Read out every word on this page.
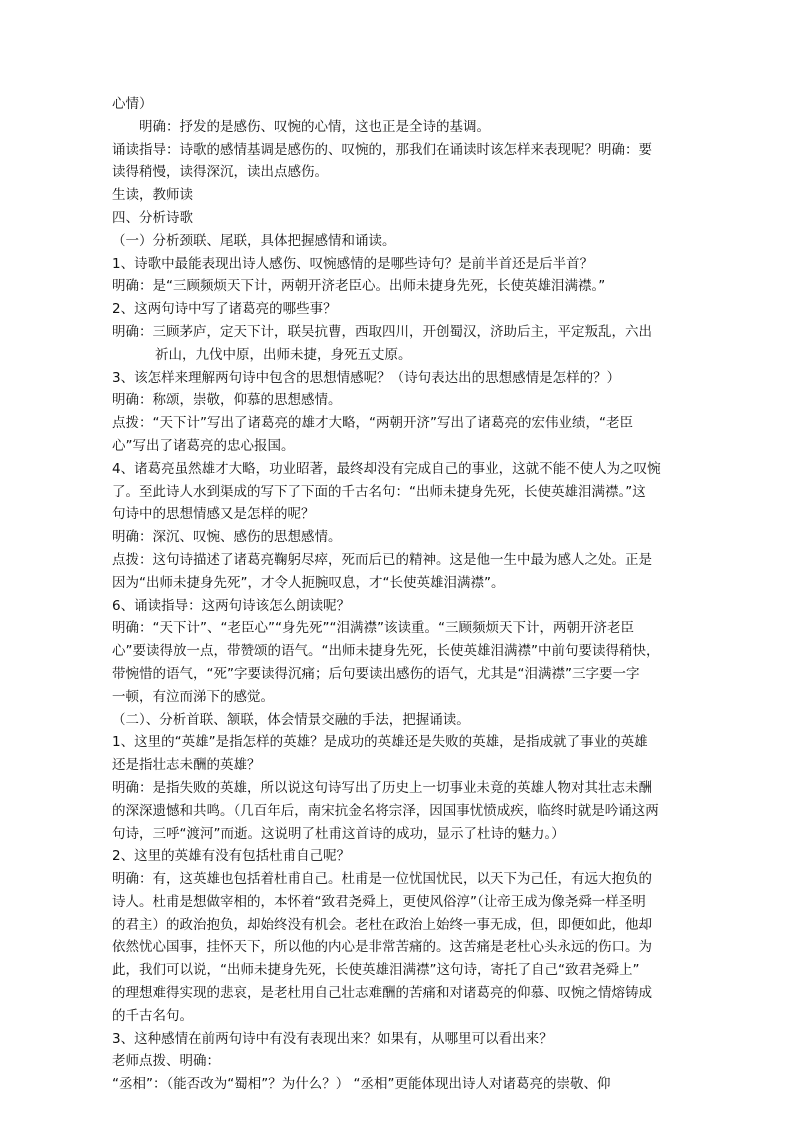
心情）
明确：抒发的是感伤、叹惋的心情，这也正是全诗的基调。
诵读指导：诗歌的感情基调是感伤的、叹惋的，那我们在诵读时该怎样来表现呢？明确：要
读得稍慢，读得深沉，读出点感伤。
生读，教师读
四、分析诗歌
（一）分析颈联、尾联，具体把握感情和诵读。
1、诗歌中最能表现出诗人感伤、叹惋感情的是哪些诗句？是前半首还是后半首？
明确：是“三顾频烦天下计，两朝开济老臣心。出师未捷身先死，长使英雄泪满襟。”
2、这两句诗中写了诸葛亮的哪些事？
明确：三顾茅庐，定天下计，联吴抗曹，西取四川，开创蜀汉，济助后主，平定叛乱，六出
祈山，九伐中原，出师未捷，身死五丈原。
3、该怎样来理解两句诗中包含的思想情感呢？（诗句表达出的思想感情是怎样的？）
明确：称颂，崇敬，仰慕的思想感情。
点拨：“天下计”写出了诸葛亮的雄才大略，“两朝开济”写出了诸葛亮的宏伟业绩，“老臣
心”写出了诸葛亮的忠心报国。
4、诸葛亮虽然雄才大略，功业昭著，最终却没有完成自己的事业，这就不能不使人为之叹惋
了。至此诗人水到渠成的写下了下面的千古名句：“出师未捷身先死，长使英雄泪满襟。”这
句诗中的思想情感又是怎样的呢？
明确：深沉、叹惋、感伤的思想感情。
点拨：这句诗描述了诸葛亮鞠躬尽瘁，死而后已的精神。这是他一生中最为感人之处。正是
因为“出师未捷身先死”，才令人扼腕叹息，才“长使英雄泪满襟”。
6、诵读指导：这两句诗该怎么朗读呢？
明确：“天下计”、“老臣心”“身先死”“泪满襟”该读重。“三顾频烦天下计，两朝开济老臣
心”要读得放一点，带赞颂的语气。“出师未捷身先死，长使英雄泪满襟”中前句要读得稍快，
带惋惜的语气，“死”字要读得沉痛；后句要读出感伤的语气，尤其是“泪满襟”三字要一字
一顿，有泣而涕下的感觉。
（二）、分析首联、颔联，体会情景交融的手法，把握诵读。
1、这里的“英雄”是指怎样的英雄？是成功的英雄还是失败的英雄，是指成就了事业的英雄
还是指壮志未酬的英雄？
明确：是指失败的英雄，所以说这句诗写出了历史上一切事业未竟的英雄人物对其壮志未酬
的深深遗憾和共鸣。（几百年后，南宋抗金名将宗泽，因国事忧愤成疾，临终时就是吟诵这两
句诗，三呼“渡河”而逝。这说明了杜甫这首诗的成功，显示了杜诗的魅力。）
2、这里的英雄有没有包括杜甫自己呢？
明确：有，这英雄也包括着杜甫自己。杜甫是一位忧国忧民，以天下为己任，有远大抱负的
诗人。杜甫是想做宰相的，本怀着“致君尧舜上，更使风俗淳”（让帝王成为像尧舜一样圣明
的君主）的政治抱负，却始终没有机会。老杜在政治上始终一事无成，但，即便如此，他却
依然忧心国事，挂怀天下，所以他的内心是非常苦痛的。这苦痛是老杜心头永远的伤口。为
此，我们可以说，“出师未捷身先死，长使英雄泪满襟”这句诗，寄托了自己“致君尧舜上”
的理想难得实现的悲哀，是老杜用自己壮志难酬的苦痛和对诸葛亮的仰慕、叹惋之情熔铸成
的千古名句。
3、这种感情在前两句诗中有没有表现出来？如果有，从哪里可以看出来？
老师点拨、明确：
“丞相”：（能否改为“蜀相”？为什么？） “丞相”更能体现出诗人对诸葛亮的崇敬、仰
